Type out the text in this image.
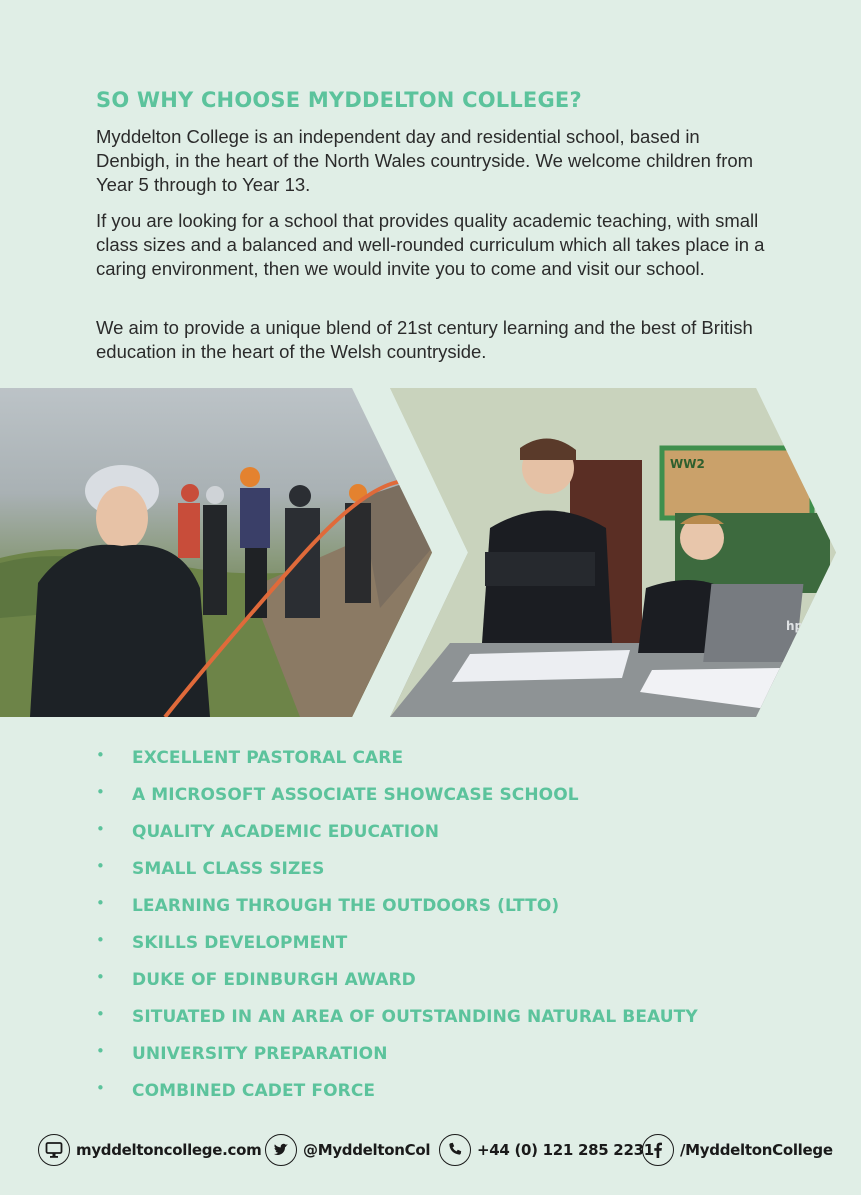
SO WHY CHOOSE MYDDELTON COLLEGE?

Myddelton College is an independent day and residential school, based in Denbigh, in the heart of the North Wales countryside. We welcome children from Year 5 through to Year 13.

If you are looking for a school that provides quality academic teaching, with small class sizes and a balanced and well-rounded curriculum which all takes place in a caring environment, then we would invite you to come and visit our school.

We aim to provide a unique blend of 21st century learning and the best of British education in the heart of the Welsh countryside.

WW2
hp
• EXCELLENT PASTORAL CARE
• A MICROSOFT ASSOCIATE SHOWCASE SCHOOL
• QUALITY ACADEMIC EDUCATION
• SMALL CLASS SIZES
• LEARNING THROUGH THE OUTDOORS (LTTO)
• SKILLS DEVELOPMENT
• DUKE OF EDINBURGH AWARD
• SITUATED IN AN AREA OF OUTSTANDING NATURAL BEAUTY
• UNIVERSITY PREPARATION
• COMBINED CADET FORCE
myddeltoncollege.com	@MyddeltonCol	+44 (0) 121 285 2231 /MyddeltonCollege
